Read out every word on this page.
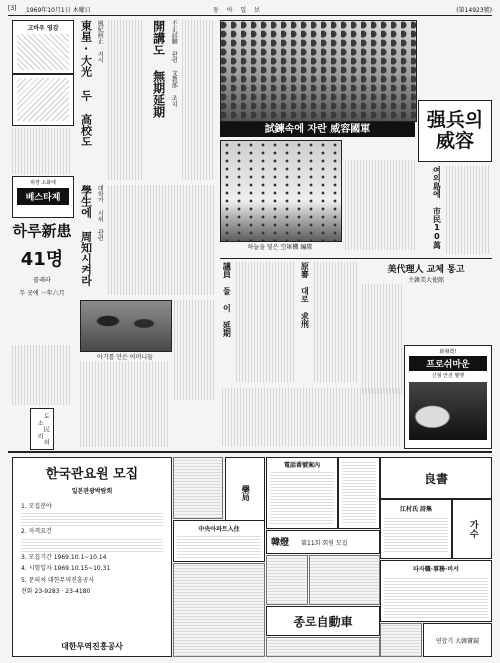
[3] 1969年10月1日 木曜日	동 아 일 보	(第14923號)
고바우 영감
위장 소화에
베스타제
하루新患
41명
콜레라
두 곳에 一年六月
도 民 의 소 리
東星·大光 두 高校도 風紀糾正 지시	開講도 無期延期 不正試驗 관련 文教部 조치
學生에 周知시켜라 대학가 시위 관련
아기를 안은 어머니들
試鍊속에 자란 威容國軍
하늘을 덮은 空軍機 編隊
强兵의 威容
여의島에 市民10萬
議員 둘 이 延期	原審 대로 求刑	美代理人 교체 통고
主韓美大使館
新發賣!
프로쉬마운
신형 안전 헬멧
한국관요원 모집
일본관광박람회
1. 모집분야
2. 자격요건
3. 모집기간 1969.10.1~10.14
4. 시험일자 1969.10.15~10.31
5. 문의처 대한무역진흥공사
전화 23-9283 · 23-4180
대한무역진흥공사
藥局
電話番號案內
良書
江村氏 詩集
가수
中央아파트入住
韓燈 第11회 회원 모집
종로自動車
타자職·事務·비서
연합기 大韓寶鏡
